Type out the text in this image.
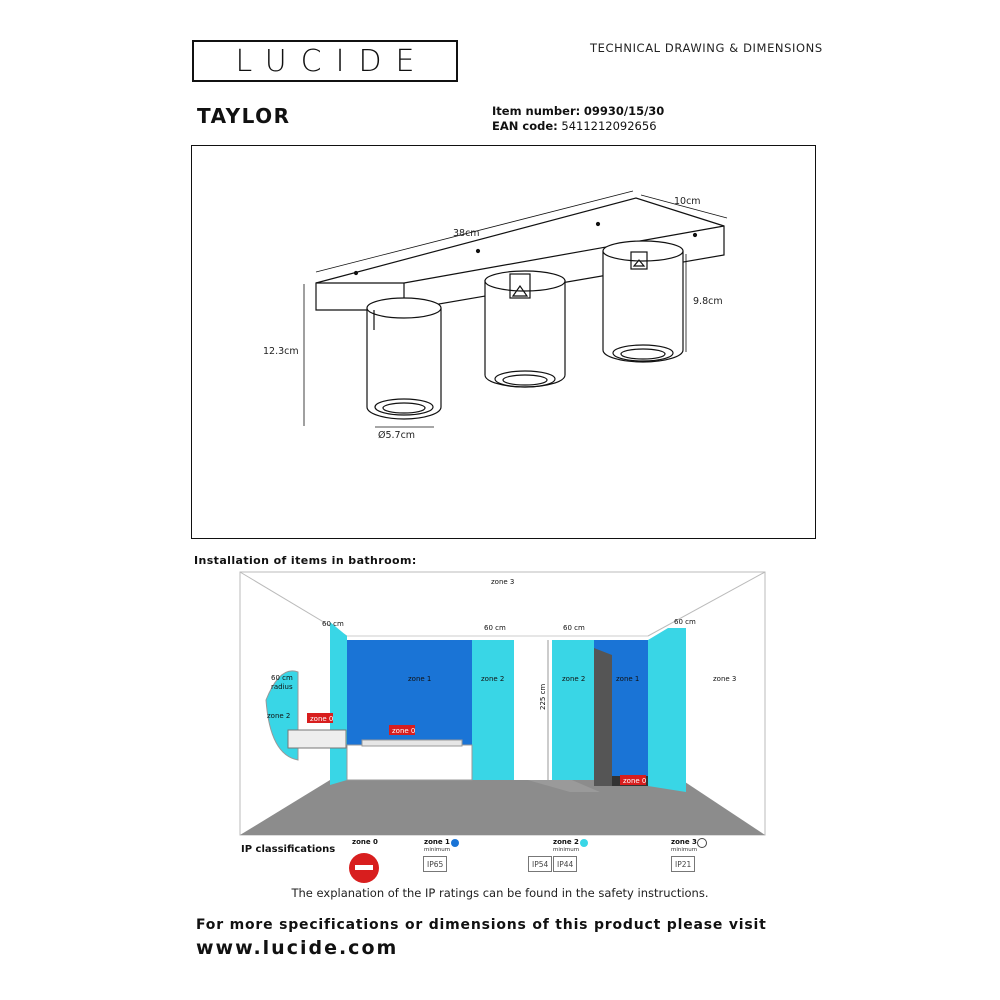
LUCIDE	TECHNICAL DRAWING & DIMENSIONS
TAYLOR	Item number: 09930/15/30
EAN code: 5411212092656
38cm
10cm
12.3cm
9.8cm
Ø5.7cm
Installation of items in bathroom:
zone 0
zone 0
zone 0
zone 3
zone 3
zone 1	zone 2	zone 2	zone 1
zone 2
60 cm	60 cm	60 cm
60 cm
60 cm
radius	225 cm
IP classifications
zone 0	zone 1
minimum
IP65
zone 2
minimum
IP54	IP44
zone 3
minimum
IP21
The explanation of the IP ratings can be found in the safety instructions.
For more specifications or dimensions of this product please visit
www.lucide.com
